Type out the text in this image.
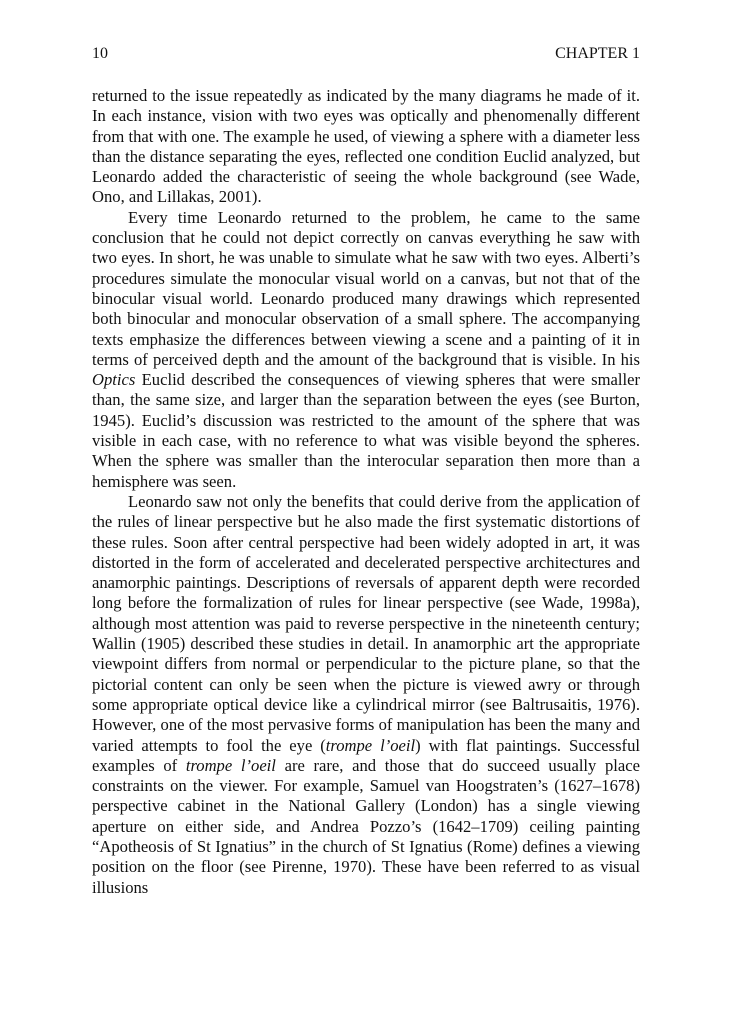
10	CHAPTER 1

returned to the issue repeatedly as indicated by the many diagrams he made of it. In each instance, vision with two eyes was optically and phenomenally different from that with one. The example he used, of viewing a sphere with a diameter less than the distance separating the eyes, reflected one condition Euclid analyzed, but Leonardo added the characteristic of seeing the whole background (see Wade, Ono, and Lillakas, 2001).

Every time Leonardo returned to the problem, he came to the same conclusion that he could not depict correctly on canvas everything he saw with two eyes. In short, he was unable to simulate what he saw with two eyes. Alberti’s procedures simulate the monocular visual world on a canvas, but not that of the binocular visual world. Leonardo produced many drawings which represented both binocular and monocular observation of a small sphere. The accompanying texts emphasize the differences between viewing a scene and a painting of it in terms of perceived depth and the amount of the background that is visible. In his Optics Euclid described the consequences of viewing spheres that were smaller than, the same size, and larger than the separation between the eyes (see Burton, 1945). Euclid’s discussion was restricted to the amount of the sphere that was visible in each case, with no reference to what was visible beyond the spheres. When the sphere was smaller than the interocular separation then more than a hemisphere was seen.

Leonardo saw not only the benefits that could derive from the application of the rules of linear perspective but he also made the first systematic distortions of these rules. Soon after central perspective had been widely adopted in art, it was distorted in the form of accelerated and decelerated perspective architectures and anamorphic paintings. Descriptions of reversals of apparent depth were recorded long before the formalization of rules for linear perspective (see Wade, 1998a), although most attention was paid to reverse perspective in the nineteenth century; Wallin (1905) described these studies in detail. In anamorphic art the appropriate viewpoint differs from normal or perpendicular to the picture plane, so that the pictorial content can only be seen when the picture is viewed awry or through some appropriate optical device like a cylindrical mirror (see Baltrusaitis, 1976). However, one of the most pervasive forms of manipulation has been the many and varied attempts to fool the eye (trompe l’oeil) with flat paintings. Successful examples of trompe l’oeil are rare, and those that do succeed usually place constraints on the viewer. For example, Samuel van Hoogstraten’s (1627–1678) perspective cabinet in the National Gallery (London) has a single viewing aperture on either side, and Andrea Pozzo’s (1642–1709) ceiling painting “Apotheosis of St Ignatius” in the church of St Ignatius (Rome) defines a viewing position on the floor (see Pirenne, 1970). These have been referred to as visual illusions
